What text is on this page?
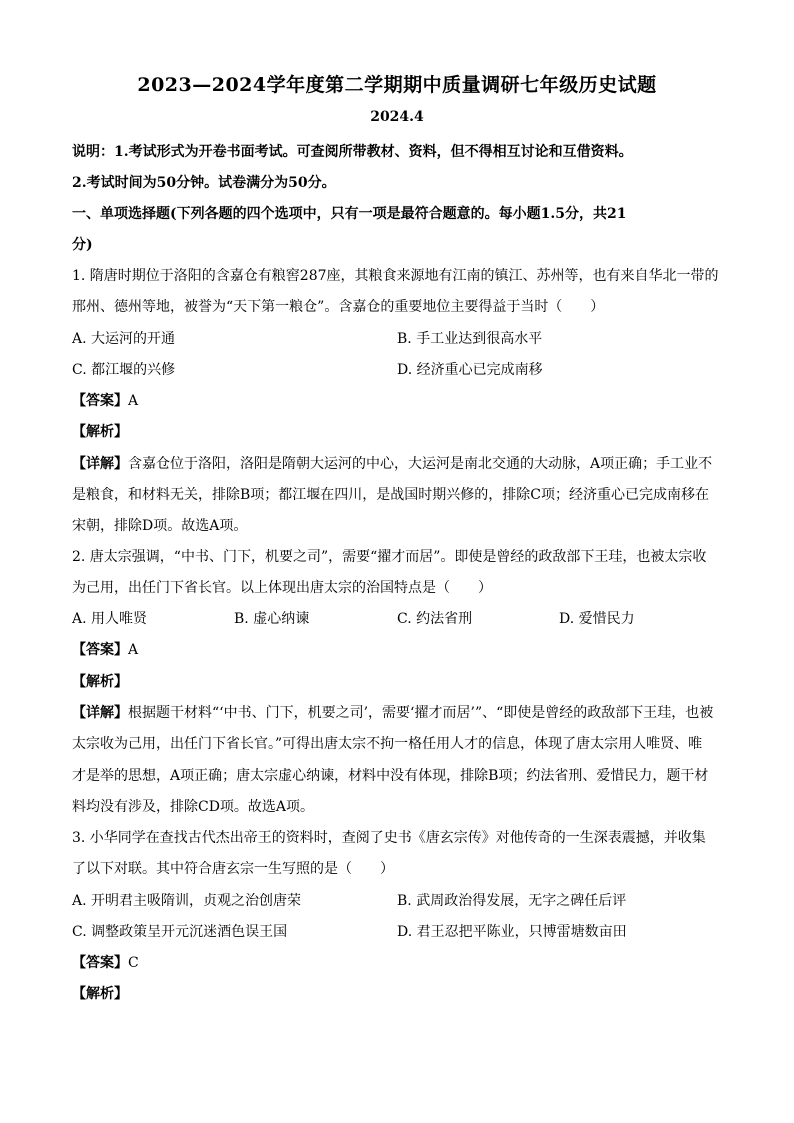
2023—2024学年度第二学期期中质量调研七年级历史试题
2024.4
说明：1.考试形式为开卷书面考试。可查阅所带教材、资料，但不得相互讨论和互借资料。
2.考试时间为50分钟。试卷满分为50分。
一、单项选择题(下列各题的四个选项中，只有一项是最符合题意的。每小题1.5分，共21
分)
1. 隋唐时期位于洛阳的含嘉仓有粮窖287座，其粮食来源地有江南的镇江、苏州等，也有来自华北一带的
邢州、德州等地，被誉为“天下第一粮仓”。含嘉仓的重要地位主要得益于当时（　　）
A. 大运河的开通	B. 手工业达到很高水平
C. 都江堰的兴修	D. 经济重心已完成南移
【答案】A
【解析】
【详解】含嘉仓位于洛阳，洛阳是隋朝大运河的中心，大运河是南北交通的大动脉，A项正确；手工业不
是粮食，和材料无关，排除B项；都江堰在四川，是战国时期兴修的，排除C项；经济重心已完成南移在
宋朝，排除D项。故选A项。
2. 唐太宗强调，“中书、门下，机要之司”，需要“擢才而居”。即使是曾经的政敌部下王珪，也被太宗收
为己用，出任门下省长官。以上体现出唐太宗的治国特点是（　　）
A. 用人唯贤	B. 虚心纳谏	C. 约法省刑	D. 爱惜民力
【答案】A
【解析】
【详解】根据题干材料“‘中书、门下，机要之司’，需要‘擢才而居’”、“即使是曾经的政敌部下王珪，也被
太宗收为己用，出任门下省长官。”可得出唐太宗不拘一格任用人才的信息，体现了唐太宗用人唯贤、唯
才是举的思想，A项正确；唐太宗虚心纳谏，材料中没有体现，排除B项；约法省刑、爱惜民力，题干材
料均没有涉及，排除CD项。故选A项。
3. 小华同学在查找古代杰出帝王的资料时，查阅了史书《唐玄宗传》对他传奇的一生深表震撼，并收集
了以下对联。其中符合唐玄宗一生写照的是（　　）
A. 开明君主吸隋训，贞观之治创唐荣	B. 武周政治得发展，无字之碑任后评
C. 调整政策呈开元沉迷酒色误王国	D. 君王忍把平陈业，只博雷塘数亩田
【答案】C
【解析】
